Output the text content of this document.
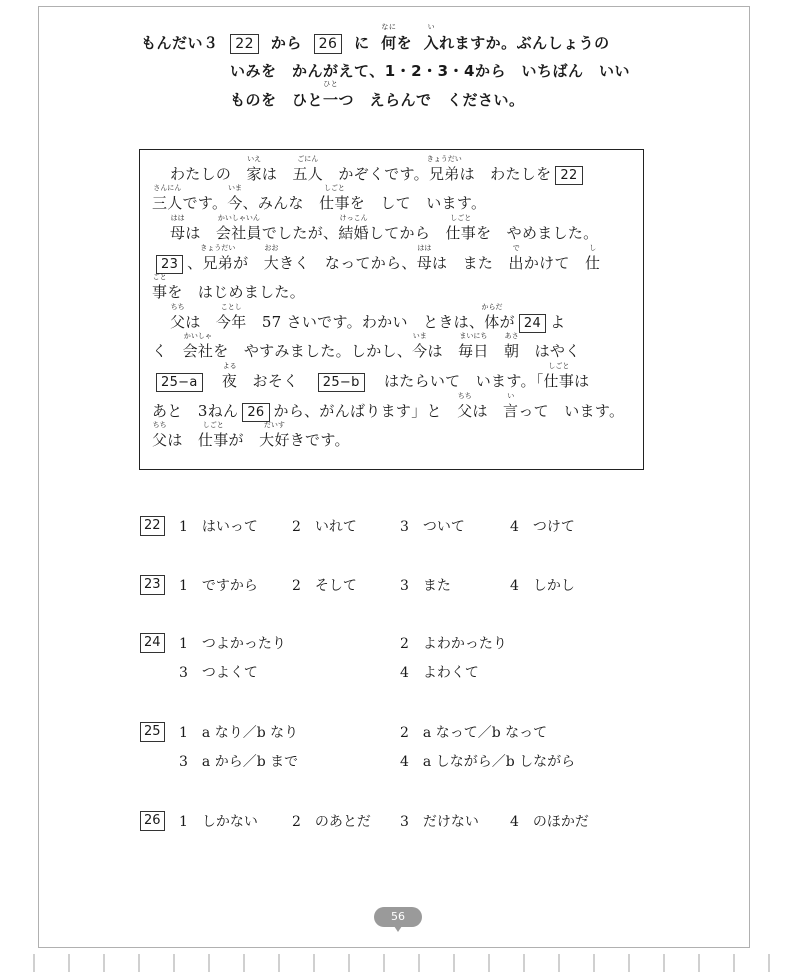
もんだい３ 22 から 26 に
なに
何を
い
入れますか。ぶんしょうの
いみを　かんがえて、1・2・3・4から　いちばん　いい
ものを　ひと
ひと
一つ　えらんで　ください。
わたしの　
いえ
家は　
ごにん
五人　かぞくです。
きょうだい
兄弟は　わたしを 22
さんにん
三人です。
いま
今、みんな　
しごと
仕事を　して　います。
はは
母は　
かいしゃいん
会社員でしたが、
けっこん
結婚してから　
しごと
仕事を　やめました。
23 、
きょうだい
兄弟が　
おお
大きく　なってから、
はは
母は　また　
で
出かけて　
し
仕
ごと
事を　はじめました。
ちち
父は　
ことし
今年　57 さいです。わかい　ときは、
からだ
体が 24 よ
く　
かいしゃ
会社を　やすみました。しかし、
いま
今は　
まいにち
毎日　
あさ
朝　はやく
25−a　
よる
夜　おそく　25−b　はたらいて　います。「
しごと
仕事は
あと　3ねん 26 から、がんばります」と　
ちち
父は　
い
言って　います。
ちち
父は　
しごと
仕事が　
だいす
大好きです。
22 1　はいって 2　いれて	3　ついて	4　つけて
23 1　ですから 2　そして	3　また	4　しかし
24 1　つよかったり	2　よわかったり
3　つよくて	4　よわくて
25 1　a なり／b なり	2　a なって／b なって
3　a から／b まで	4　a しながら／b しながら
26 1　しかない 2　のあとだ 3　だけない 4　のほかだ
56
